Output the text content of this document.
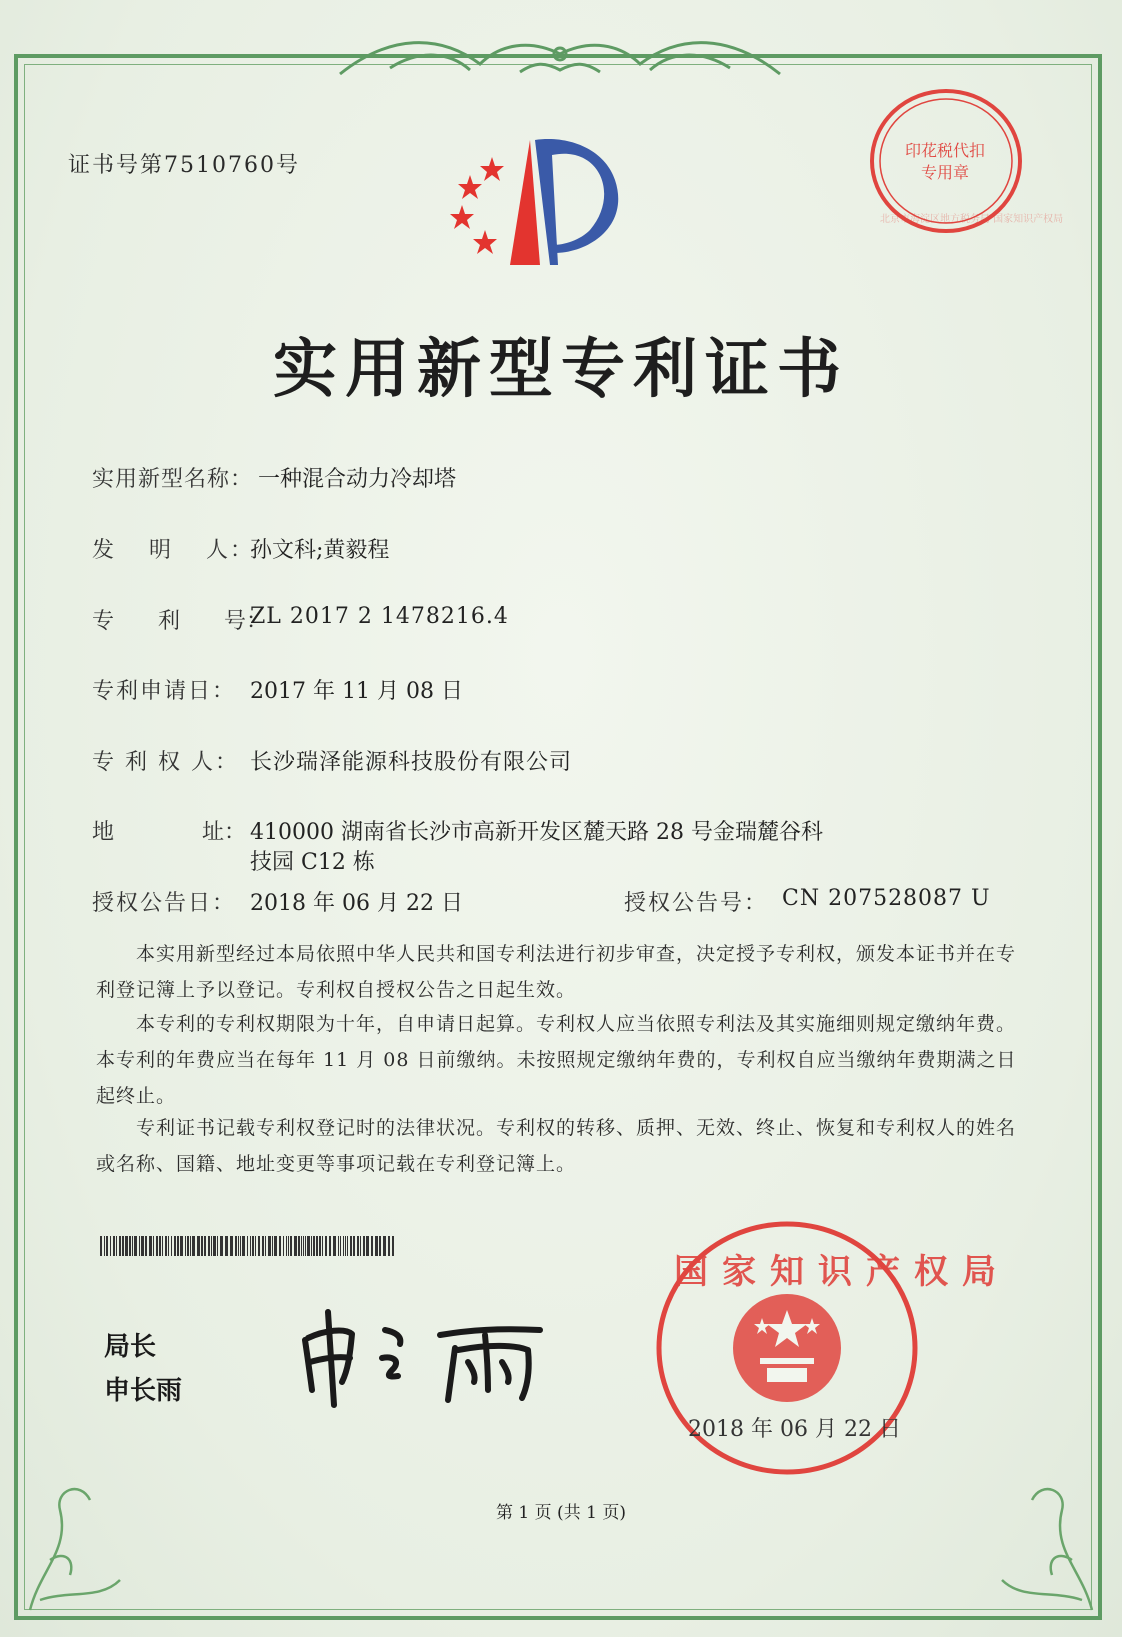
证书号第7510760号
北京市海淀区地方税务局 国家知识产权局
印花税代扣专用章
实用新型专利证书
实用新型名称： 一种混合动力冷却塔
发　 明　 人：
孙文科;黄毅程
专　　利　　号：
ZL 2017 2 1478216.4
专利申请日： 2017 年 11 月 08 日
专 利 权 人： 长沙瑞泽能源科技股份有限公司
地　　　　址： 410000 湖南省长沙市高新开发区麓天路 28 号金瑞麓谷科
技园 C12 栋
授权公告日： 2018 年 06 月 22 日	授权公告号： CN 207528087 U
本实用新型经过本局依照中华人民共和国专利法进行初步审查，决定授予专利权，颁发本证书并在专利登记簿上予以登记。专利权自授权公告之日起生效。
本专利的专利权期限为十年，自申请日起算。专利权人应当依照专利法及其实施细则规定缴纳年费。本专利的年费应当在每年 11 月 08 日前缴纳。未按照规定缴纳年费的，专利权自应当缴纳年费期满之日起终止。
专利证书记载专利权登记时的法律状况。专利权的转移、质押、无效、终止、恢复和专利权人的姓名或名称、国籍、地址变更等事项记载在专利登记簿上。
局长
申长雨
国家知识产权局
2018 年 06 月 22 日
第 1 页 (共 1 页)
